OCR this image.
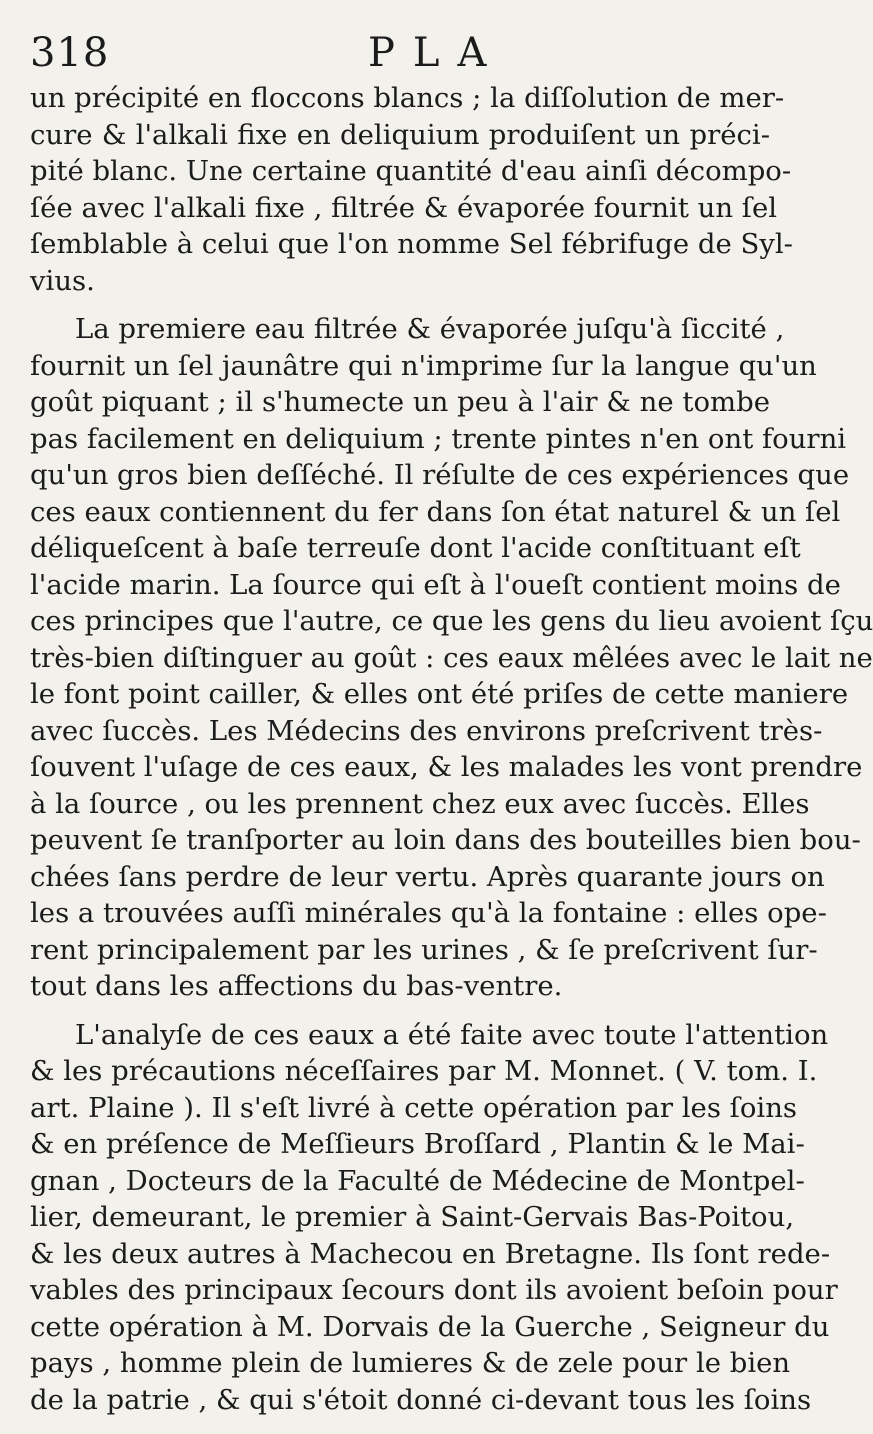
318	PLA
un précipité en floccons blancs ; la diſſolution de mer-
cure & l'alkali fixe en deliquium produiſent un préci-
pité blanc. Une certaine quantité d'eau ainſi décompo-
ſée avec l'alkali fixe , filtrée & évaporée fournit un ſel
ſemblable à celui que l'on nomme Sel fébrifuge de Syl-
vius.
La premiere eau filtrée & évaporée juſqu'à ſiccité ,
fournit un ſel jaunâtre qui n'imprime ſur la langue qu'un
goût piquant ; il s'humecte un peu à l'air & ne tombe
pas facilement en deliquium ; trente pintes n'en ont fourni
qu'un gros bien deſſéché. Il réſulte de ces expériences que
ces eaux contiennent du fer dans ſon état naturel & un ſel
déliqueſcent à baſe terreuſe dont l'acide conſtituant eſt
l'acide marin. La ſource qui eſt à l'oueſt contient moins de
ces principes que l'autre, ce que les gens du lieu avoient ſçu
très-bien diſtinguer au goût : ces eaux mêlées avec le lait ne
le font point cailler, & elles ont été priſes de cette maniere
avec ſuccès. Les Médecins des environs preſcrivent très-
ſouvent l'uſage de ces eaux, & les malades les vont prendre
à la ſource , ou les prennent chez eux avec ſuccès. Elles
peuvent ſe tranſporter au loin dans des bouteilles bien bou-
chées ſans perdre de leur vertu. Après quarante jours on
les a trouvées auſſi minérales qu'à la fontaine : elles ope-
rent principalement par les urines , & ſe preſcrivent ſur-
tout dans les affections du bas-ventre.
L'analyſe de ces eaux a été faite avec toute l'attention
& les précautions néceſſaires par M. Monnet. ( V. tom. I.
art. Plaine ). Il s'eſt livré à cette opération par les ſoins
& en préſence de Meſſieurs Broſſard , Plantin & le Mai-
gnan , Docteurs de la Faculté de Médecine de Montpel-
lier, demeurant, le premier à Saint-Gervais Bas-Poitou,
& les deux autres à Machecou en Bretagne. Ils ſont rede-
vables des principaux ſecours dont ils avoient beſoin pour
cette opération à M. Dorvais de la Guerche , Seigneur du
pays , homme plein de lumieres & de zele pour le bien
de la patrie , & qui s'étoit donné ci-devant tous les ſoins
